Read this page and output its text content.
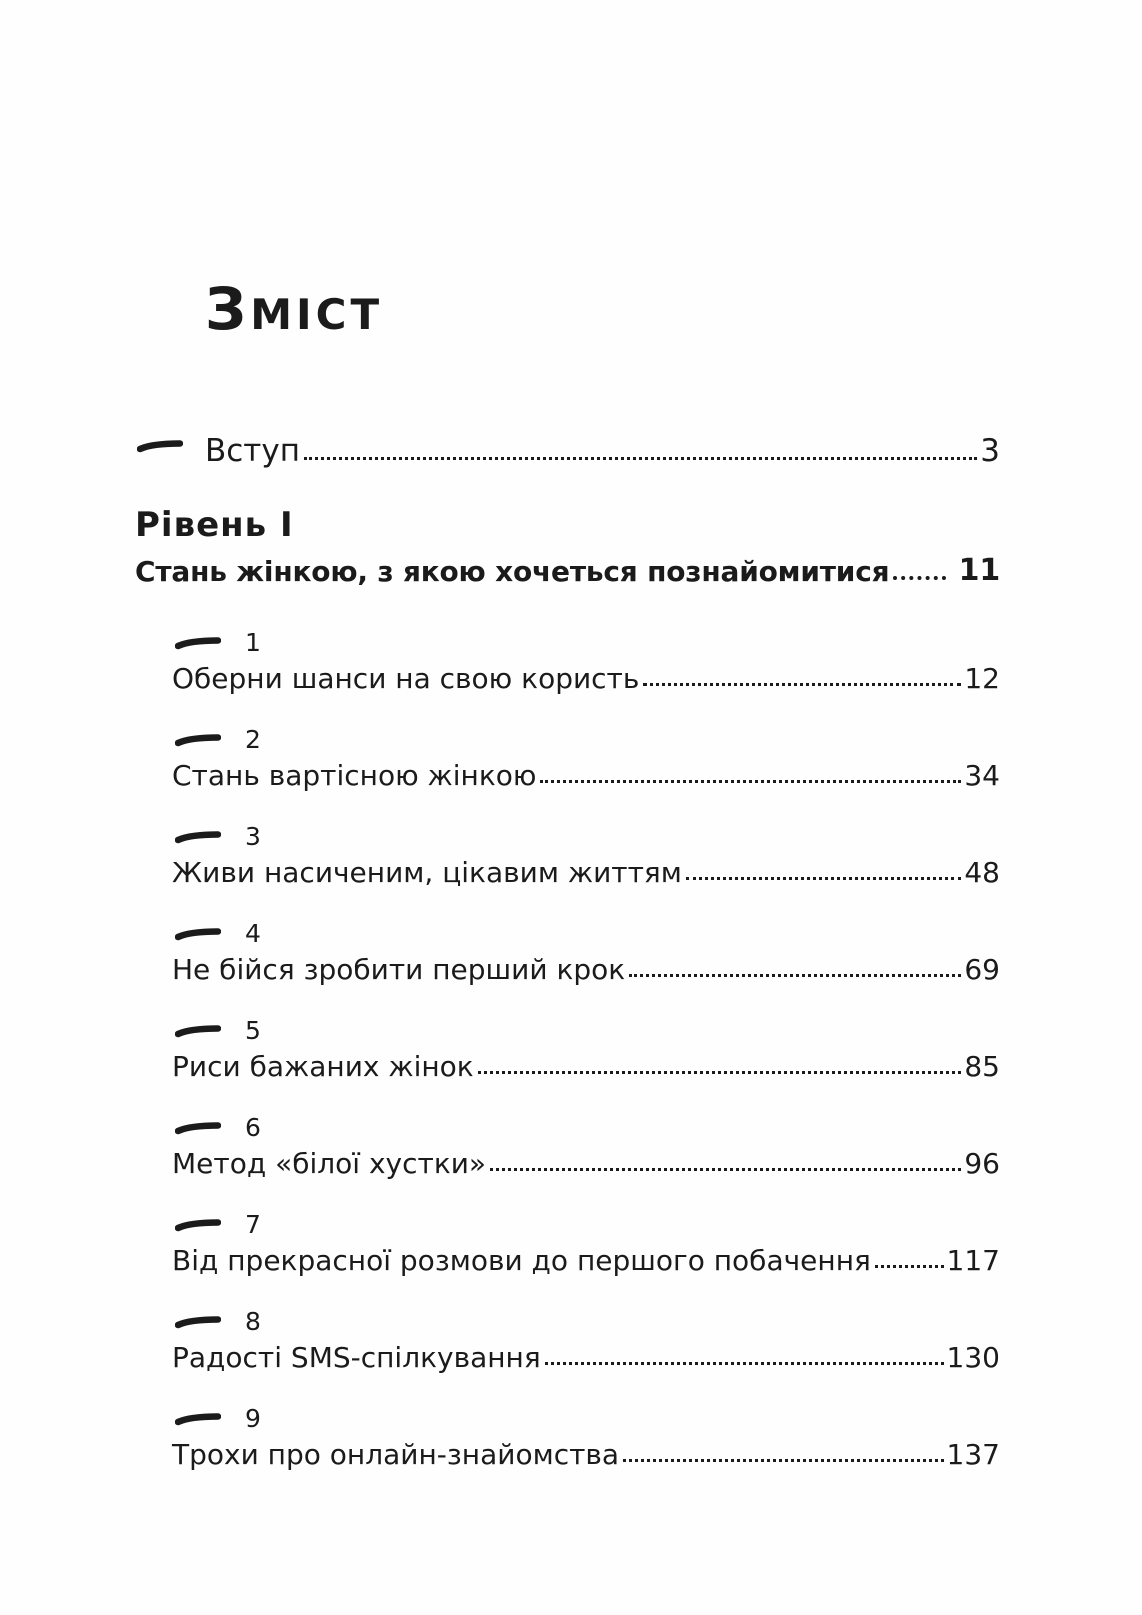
ЗМІСТ
Вступ	3
Рівень I
Стань жінкою, з якою хочеться познайомитися 11
1
Оберни шанси на свою користь	12
2
Стань вартісною жінкою	34
3
Живи насиченим, цікавим життям	48
4
Не бійся зробити перший крок	69
5
Риси бажаних жінок	85
6
Метод «білої хустки»	96
7
Від прекрасної розмови до першого побачення	117
8
Радості SMS-спілкування	130
9
Трохи про онлайн-знайомства	137
